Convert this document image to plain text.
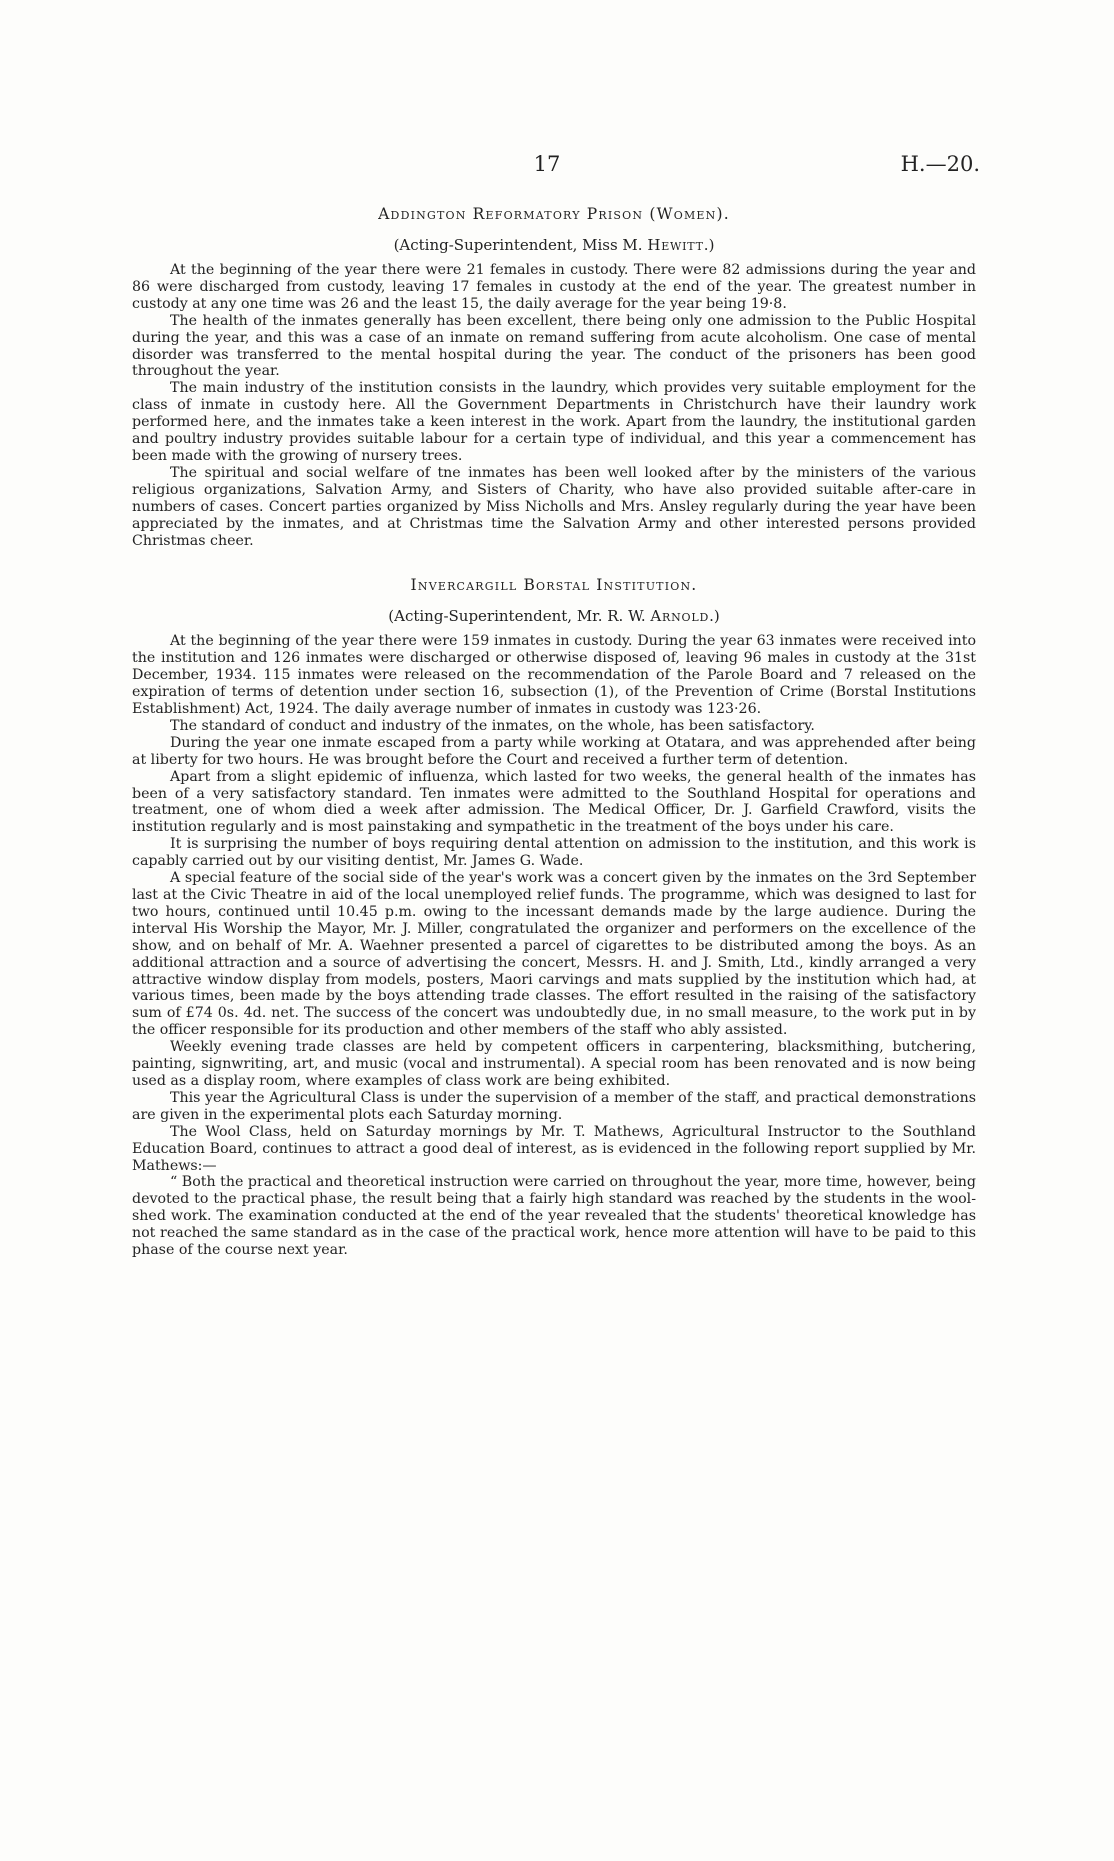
17	H.—20.
Addington Reformatory Prison (Women).
(Acting-Superintendent, Miss M. Hewitt.)

At the beginning of the year there were 21 females in custody. There were 82 admissions during the year and 86 were discharged from custody, leaving 17 females in custody at the end of the year. The greatest number in custody at any one time was 26 and the least 15, the daily average for the year being 19·8.

The health of the inmates generally has been excellent, there being only one admission to the Public Hospital during the year, and this was a case of an inmate on remand suffering from acute alcoholism. One case of mental disorder was transferred to the mental hospital during the year. The conduct of the prisoners has been good throughout the year.

The main industry of the institution consists in the laundry, which provides very suitable employment for the class of inmate in custody here. All the Government Departments in Christchurch have their laundry work performed here, and the inmates take a keen interest in the work. Apart from the laundry, the institutional garden and poultry industry provides suitable labour for a certain type of individual, and this year a commencement has been made with the growing of nursery trees.

The spiritual and social welfare of tne inmates has been well looked after by the ministers of the various religious organizations, Salvation Army, and Sisters of Charity, who have also provided suitable after-care in numbers of cases. Concert parties organized by Miss Nicholls and Mrs. Ansley regularly during the year have been appreciated by the inmates, and at Christmas time the Salvation Army and other interested persons provided Christmas cheer.

Invercargill Borstal Institution.
(Acting-Superintendent, Mr. R. W. Arnold.)

At the beginning of the year there were 159 inmates in custody. During the year 63 inmates were received into the institution and 126 inmates were discharged or otherwise disposed of, leaving 96 males in custody at the 31st December, 1934. 115 inmates were released on the recommendation of the Parole Board and 7 released on the expiration of terms of detention under section 16, subsection (1), of the Prevention of Crime (Borstal Institutions Establishment) Act, 1924. The daily average number of inmates in custody was 123·26.

The standard of conduct and industry of the inmates, on the whole, has been satisfactory.

During the year one inmate escaped from a party while working at Otatara, and was apprehended after being at liberty for two hours. He was brought before the Court and received a further term of detention.

Apart from a slight epidemic of influenza, which lasted for two weeks, the general health of the inmates has been of a very satisfactory standard. Ten inmates were admitted to the Southland Hospital for operations and treatment, one of whom died a week after admission. The Medical Officer, Dr. J. Garfield Crawford, visits the institution regularly and is most painstaking and sympathetic in the treatment of the boys under his care.

It is surprising the number of boys requiring dental attention on admission to the institution, and this work is capably carried out by our visiting dentist, Mr. James G. Wade.

A special feature of the social side of the year's work was a concert given by the inmates on the 3rd September last at the Civic Theatre in aid of the local unemployed relief funds. The programme, which was designed to last for two hours, continued until 10.45 p.m. owing to the incessant demands made by the large audience. During the interval His Worship the Mayor, Mr. J. Miller, congratulated the organizer and performers on the excellence of the show, and on behalf of Mr. A. Waehner presented a parcel of cigarettes to be distributed among the boys. As an additional attraction and a source of advertising the concert, Messrs. H. and J. Smith, Ltd., kindly arranged a very attractive window display from models, posters, Maori carvings and mats supplied by the institution which had, at various times, been made by the boys attending trade classes. The effort resulted in the raising of the satisfactory sum of £74 0s. 4d. net. The success of the concert was undoubtedly due, in no small measure, to the work put in by the officer responsible for its production and other members of the staff who ably assisted.

Weekly evening trade classes are held by competent officers in carpentering, blacksmithing, butchering, painting, signwriting, art, and music (vocal and instrumental). A special room has been renovated and is now being used as a display room, where examples of class work are being exhibited.

This year the Agricultural Class is under the supervision of a member of the staff, and practical demonstrations are given in the experimental plots each Saturday morning.

The Wool Class, held on Saturday mornings by Mr. T. Mathews, Agricultural Instructor to the Southland Education Board, continues to attract a good deal of interest, as is evidenced in the following report supplied by Mr. Mathews:—

“ Both the practical and theoretical instruction were carried on throughout the year, more time, however, being devoted to the practical phase, the result being that a fairly high standard was reached by the students in the wool-shed work. The examination conducted at the end of the year revealed that the students' theoretical knowledge has not reached the same standard as in the case of the practical work, hence more attention will have to be paid to this phase of the course next year.
